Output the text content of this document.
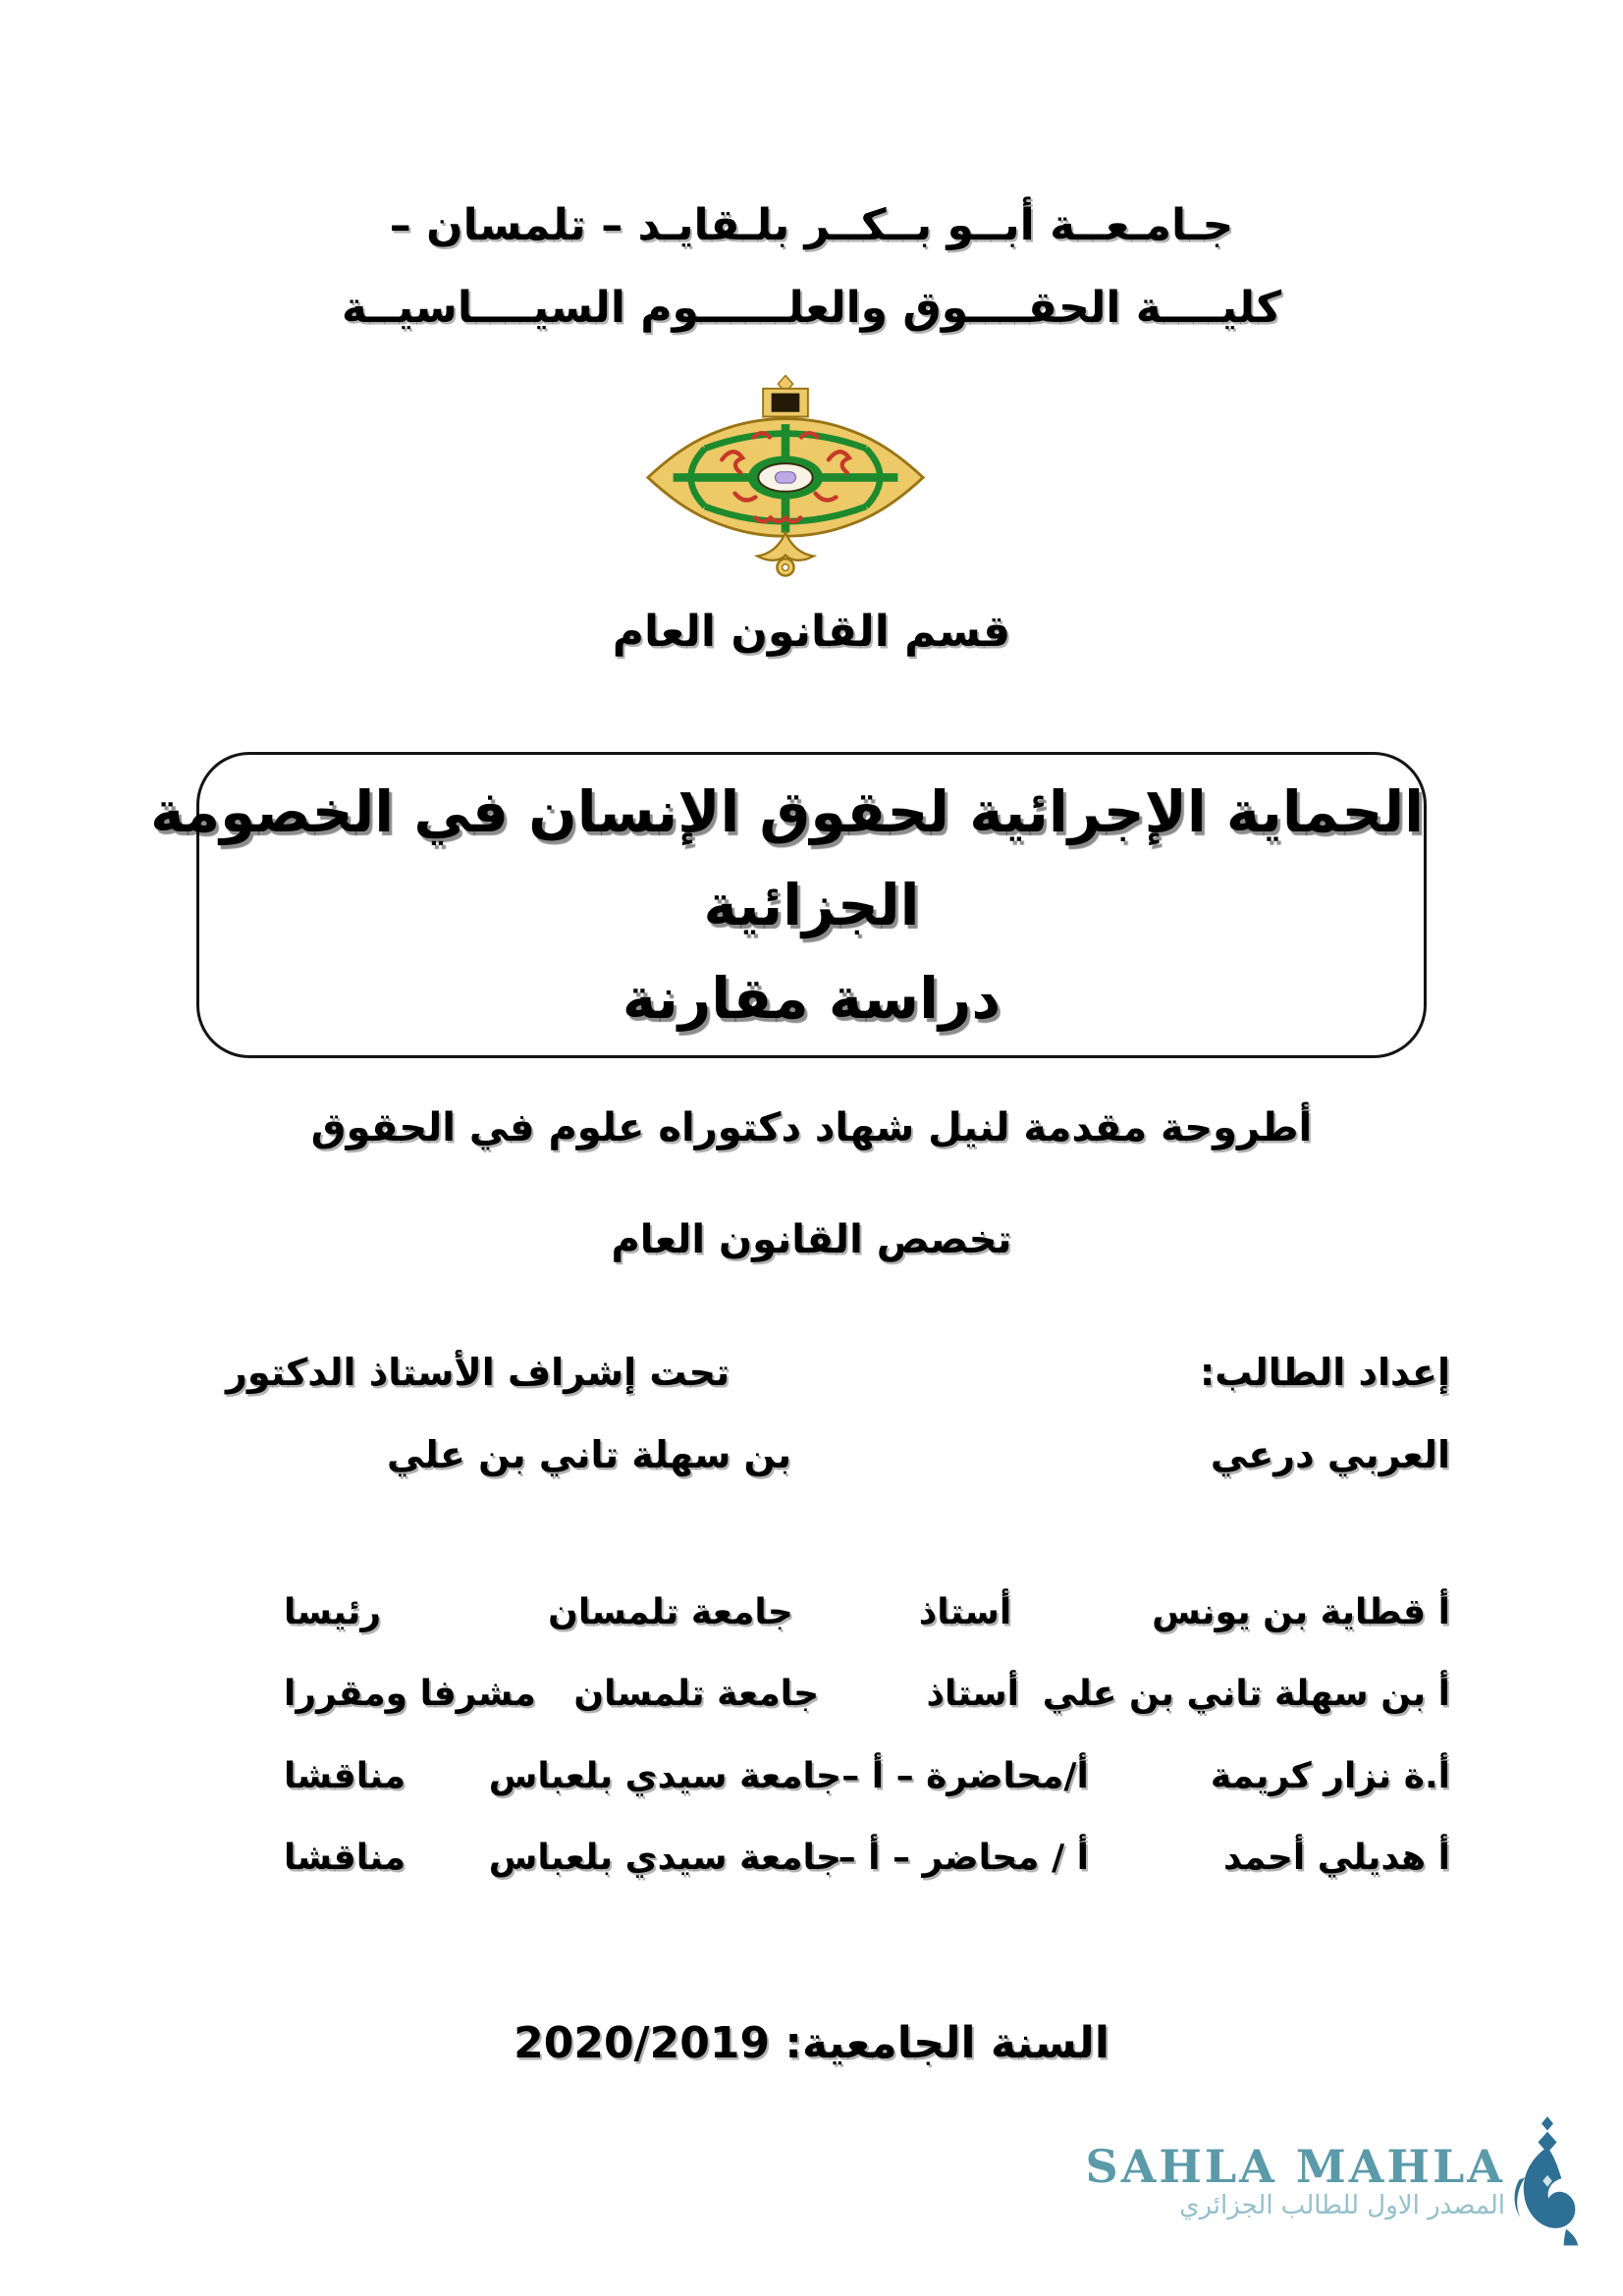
جـامـعــة أبــو بــكــر بلـقايـد – تلمسان –
كليــــة الحقــــوق والعلــــــوم السيــــاسيــة
قسم القانون العام
الحماية الإجرائية لحقوق الإنسان في الخصومة
الجزائية
دراسة مقارنة
أطروحة مقدمة لنيل شهاد دكتوراه علوم في الحقوق
تخصص القانون العام
إعداد الطالب:
تحت إشراف الأستاذ الدكتور
العربي درعي
بن سهلة تاني بن علي
أ قطاية بن يونس
أستاذ
جامعة تلمسان
رئيسا
أ بن سهلة تاني بن علي
أستاذ
جامعة تلمسان
مشرفا ومقررا
أ.ة نزار كريمة
أ/محاضرة – أ –
جامعة سيدي بلعباس
مناقشا
أ هديلي أحمد
أ / محاضر – أ –
جامعة سيدي بلعباس
مناقشا
السنة الجامعية: 2020/2019
SAHLA MAHLA
المصدر الاول للطالب الجزائري
